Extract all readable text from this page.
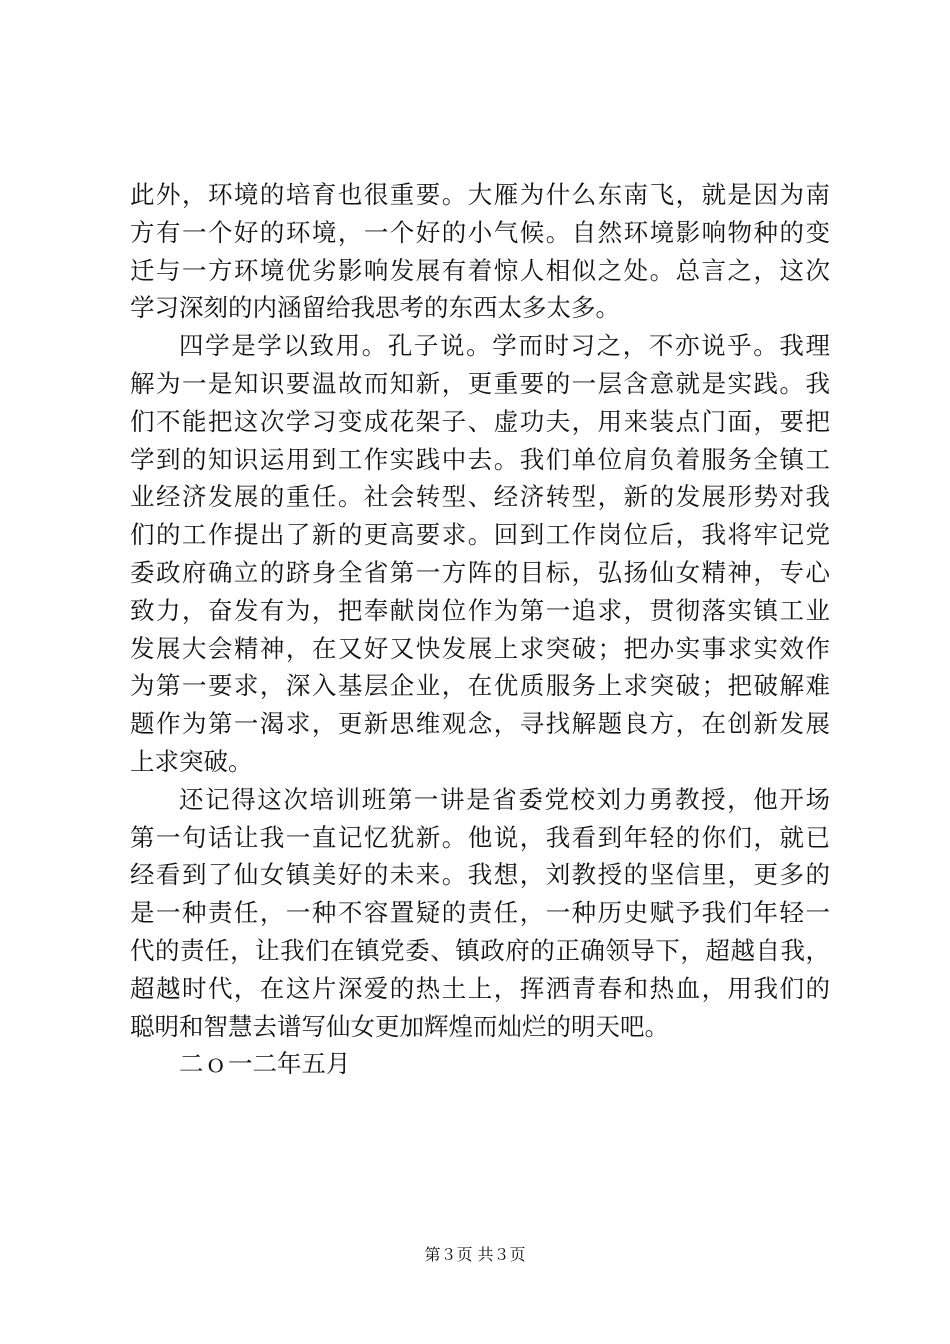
此外，环境的培育也很重要。大雁为什么东南飞，就是因为南
方有一个好的环境，一个好的小气候。自然环境影响物种的变
迁与一方环境优劣影响发展有着惊人相似之处。总言之，这次
学习深刻的内涵留给我思考的东西太多太多。
四学是学以致用。孔子说。学而时习之，不亦说乎。我理
解为一是知识要温故而知新，更重要的一层含意就是实践。我
们不能把这次学习变成花架子、虚功夫，用来装点门面，要把
学到的知识运用到工作实践中去。我们单位肩负着服务全镇工
业经济发展的重任。社会转型、经济转型，新的发展形势对我
们的工作提出了新的更高要求。回到工作岗位后，我将牢记党
委政府确立的跻身全省第一方阵的目标，弘扬仙女精神，专心
致力，奋发有为，把奉献岗位作为第一追求，贯彻落实镇工业
发展大会精神，在又好又快发展上求突破；把办实事求实效作
为第一要求，深入基层企业，在优质服务上求突破；把破解难
题作为第一渴求，更新思维观念，寻找解题良方，在创新发展
上求突破。
还记得这次培训班第一讲是省委党校刘力勇教授，他开场
第一句话让我一直记忆犹新。他说，我看到年轻的你们，就已
经看到了仙女镇美好的未来。我想，刘教授的坚信里，更多的
是一种责任，一种不容置疑的责任，一种历史赋予我们年轻一
代的责任，让我们在镇党委、镇政府的正确领导下，超越自我，
超越时代，在这片深爱的热土上，挥洒青春和热血，用我们的
聪明和智慧去谱写仙女更加辉煌而灿烂的明天吧。
二ｏ一二年五月
第３页 共３页
